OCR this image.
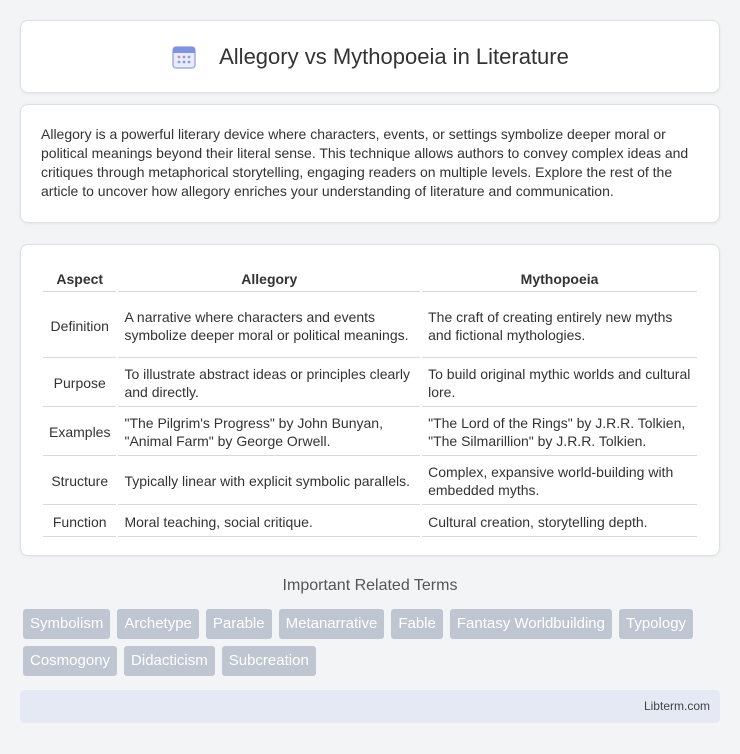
Allegory vs Mythopoeia in Literature

Allegory is a powerful literary device where characters, events, or settings symbolize deeper moral or political meanings beyond their literal sense. This technique allows authors to convey complex ideas and critiques through metaphorical storytelling, engaging readers on multiple levels. Explore the rest of the article to uncover how allegory enriches your understanding of literature and communication.

Aspect	Allegory	Mythopoeia
Definition	A narrative where characters and events symbolize deeper moral or political meanings.	The craft of creating entirely new myths and fictional mythologies.
Purpose	To illustrate abstract ideas or principles clearly and directly.	To build original mythic worlds and cultural lore.
Examples	"The Pilgrim's Progress" by John Bunyan, "Animal Farm" by George Orwell.	"The Lord of the Rings" by J.R.R. Tolkien, "The Silmarillion" by J.R.R. Tolkien.
Structure	Typically linear with explicit symbolic parallels.	Complex, expansive world-building with embedded myths.
Function	Moral teaching, social critique.	Cultural creation, storytelling depth.
Important Related Terms
Symbolism	Archetype	Parable	Metanarrative	Fable	Fantasy Worldbuilding	Typology
Cosmogony	Didacticism	Subcreation
Libterm.com
